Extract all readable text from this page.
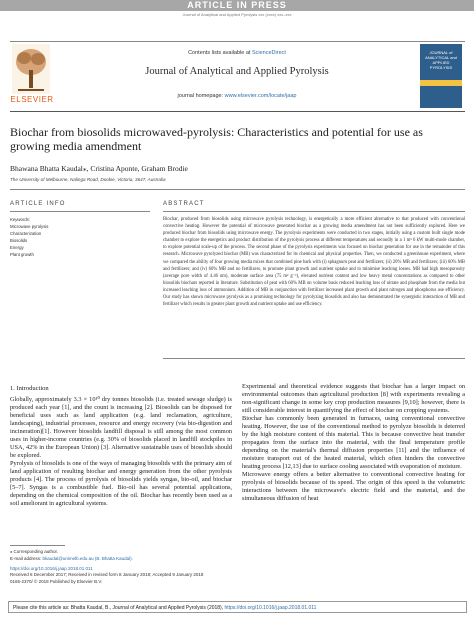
ARTICLE IN PRESS
Journal of Analytical and Applied Pyrolysis xxx (xxxx) xxx–xxx
ELSEVIER
Contents lists available at ScienceDirect
Journal of Analytical and Applied Pyrolysis
journal homepage: www.elsevier.com/locate/jaap
JOURNAL of ANALYTICAL and APPLIED PYROLYSIS
Biochar from biosolids microwaved-pyrolysis: Characteristics and potential for use as growing media amendment
Bhawana Bhatta Kaudal⁎, Cristina Aponte, Graham Brodie
The University of Melbourne, Nalinga Road, Dookie, Victoria, 3647, Australia
ARTICLE INFO	ABSTRACT
Keywords:
Microwave pyrolysis
Characterization
Biosolids
Energy
Plant growth
Biochar, produced from biosolids using microwave pyrolysis technology, is energetically a more efficient alternative to that produced with conventional convective heating. However the potential of microwave generated biochar as a growing media amendment has not been sufficiently explored. Here we produced biochar from biosolids using microwave energy. The pyrolysis experiments were conducted in two stages, initially using a custom built single mode chamber to explore the energetics and product distribution of the pyrolysis process at different temperatures and secondly in a 1 m³ 6 kW multi-mode chamber, to explore potential scale-up of the process. The second phase of the pyrolysis experiments was focused on biochar generation for use in the remainder of this research. Microwave pyrolyzed biochar (MB) was characterized for its chemical and physical properties. Then, we conducted a greenhouse experiment, where we compared the ability of four growing media mixes that combined pine bark with (i) sphagnum peat and fertilizers; (ii) 20% MB and fertilizers; (iii) 60% MB and fertilizers; and (iv) 60% MB and no fertilizers, to promote plant growth and nutrient uptake and to minimise leaching losses. MB had high mesoporosity (average pore width of 4.46 nm), moderate surface area (75 m² g⁻¹), elevated nutrient content and low heavy metal concentrations as compared to other biosolids biochars reported in literature. Substitution of peat with 60% MB on volume basis reduced leaching loss of nitrate and phosphate from the media but increased leaching loss of ammonium. Addition of MB in conjunction with fertilizer increased plant growth and plant nitrogen and phosphorus use efficiency. Our study has shown microwave pyrolysis as a promising technology for pyrolyzing biosolids and also has demonstrated the synergistic interaction of MB and fertilizer which results in greater plant growth and nutrient uptake and use efficiency.
1. Introduction
Globally, approximately 3.3 × 10¹⁰ dry tonnes biosolids (i.e. treated sewage sludge) is produced each year [1], and the count is increasing [2]. Biosolids can be disposed for beneficial uses such as land application (e.g. land reclamation, agriculture, landscaping), industrial processes, resource and energy recovery (via bio-digestion and incineration)[1]. However biosolids landfill disposal is still among the most common uses in higher-income countries (e.g. 30% of biosolids placed in landfill stockpiles in USA, 42% in the European Union) [3]. Alternative sustainable uses of biosolids should be explored.
Pyrolysis of biosolids is one of the ways of managing biosolids with the primary aim of land application of resulting biochar and energy generation from the other pyrolysis products [4]. The process of pyrolysis of biosolids yields syngas, bio-oil, and biochar [5–7]. Syngas is a combustible fuel. Bio-oil has several potential applications, depending on the chemical composition of the oil. Biochar has recently been used as a soil ameliorant in agricultural systems.
Experimental and theoretical evidence suggests that biochar has a larger impact on environmental outcomes than agricultural production [8] with experiments revealing a non-significant change in some key crop production measures [9,10]; however, there is still considerable interest in quantifying the effect of biochar on cropping systems.
Biochar has commonly been generated in furnaces, using conventional convective heating. However, the use of the conventional method to pyrolyze biosolids is deterred by the high moisture content of this material. This is because convective heat transfer propagates from the surface into the material, with the final temperature profile depending on the material's thermal diffusion properties [11] and the influence of moisture transport out of the heated material, which often hinders the convective heating process [12,13] due to surface cooling associated with evaporation of moisture.
Microwave energy offers a better alternative to conventional convective heating for pyrolysis of biosolids because of its speed. The origin of this speed is the volumetric interactions between the microwave's electric field and the material, and the simultaneous diffusion of heat
⁎ Corresponding author.
E-mail address: bkaudal@unimelb.edu.au (B. Bhatta Kaudal).
https://doi.org/10.1016/j.jaap.2018.01.011
Received 6 December 2017; Received in revised form 8 January 2018; Accepted 9 January 2018
0165-2370/ © 2018 Published by Elsevier B.V.
Please cite this article as: Bhatta Kaudal, B., Journal of Analytical and Applied Pyrolysis (2018), https://doi.org/10.1016/j.jaap.2018.01.011
